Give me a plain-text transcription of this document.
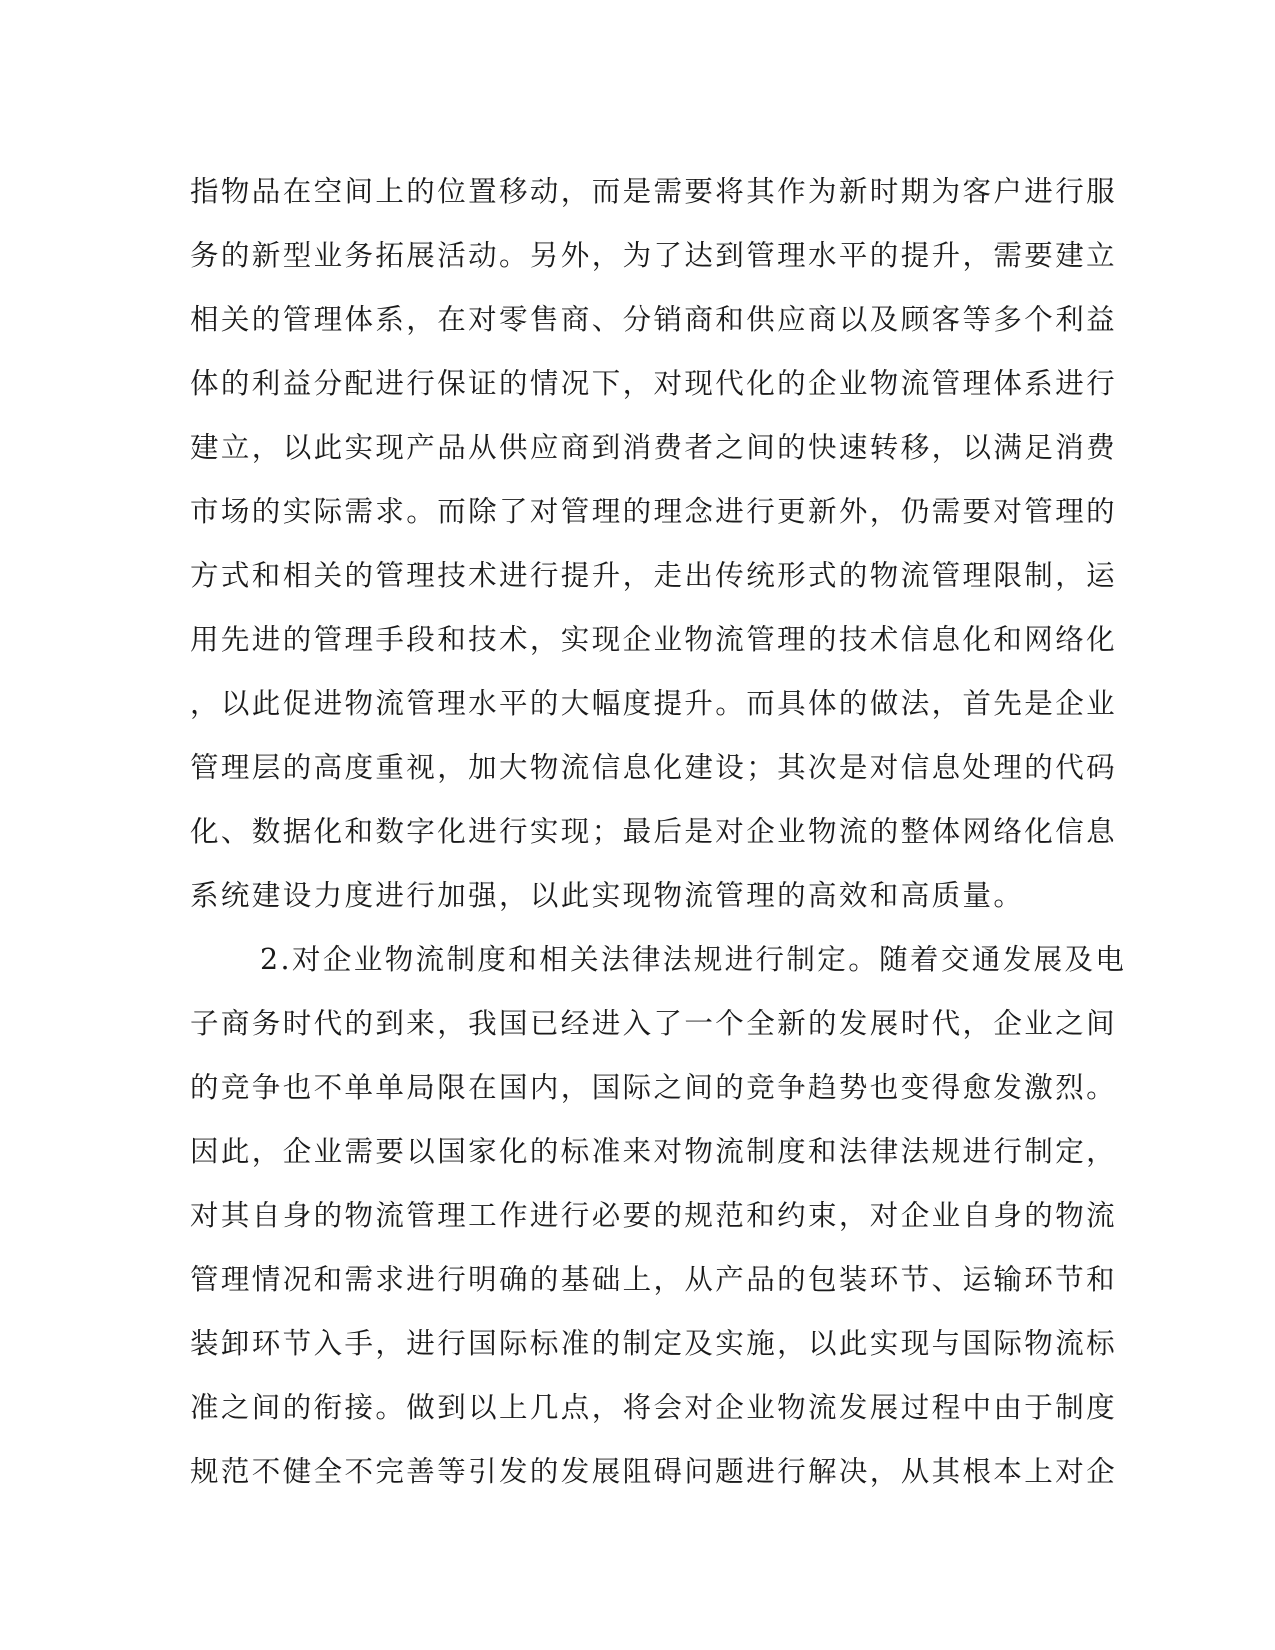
指物品在空间上的位置移动，而是需要将其作为新时期为客户进行服
务的新型业务拓展活动。另外，为了达到管理水平的提升，需要建立
相关的管理体系，在对零售商、分销商和供应商以及顾客等多个利益
体的利益分配进行保证的情况下，对现代化的企业物流管理体系进行
建立，以此实现产品从供应商到消费者之间的快速转移，以满足消费
市场的实际需求。而除了对管理的理念进行更新外，仍需要对管理的
方式和相关的管理技术进行提升，走出传统形式的物流管理限制，运
用先进的管理手段和技术，实现企业物流管理的技术信息化和网络化
，以此促进物流管理水平的大幅度提升。而具体的做法，首先是企业
管理层的高度重视，加大物流信息化建设；其次是对信息处理的代码
化、数据化和数字化进行实现；最后是对企业物流的整体网络化信息
系统建设力度进行加强，以此实现物流管理的高效和高质量。
2.对企业物流制度和相关法律法规进行制定。随着交通发展及电
子商务时代的到来，我国已经进入了一个全新的发展时代，企业之间
的竞争也不单单局限在国内，国际之间的竞争趋势也变得愈发激烈。
因此，企业需要以国家化的标准来对物流制度和法律法规进行制定，
对其自身的物流管理工作进行必要的规范和约束，对企业自身的物流
管理情况和需求进行明确的基础上，从产品的包装环节、运输环节和
装卸环节入手，进行国际标准的制定及实施，以此实现与国际物流标
准之间的衔接。做到以上几点，将会对企业物流发展过程中由于制度
规范不健全不完善等引发的发展阻碍问题进行解决，从其根本上对企
